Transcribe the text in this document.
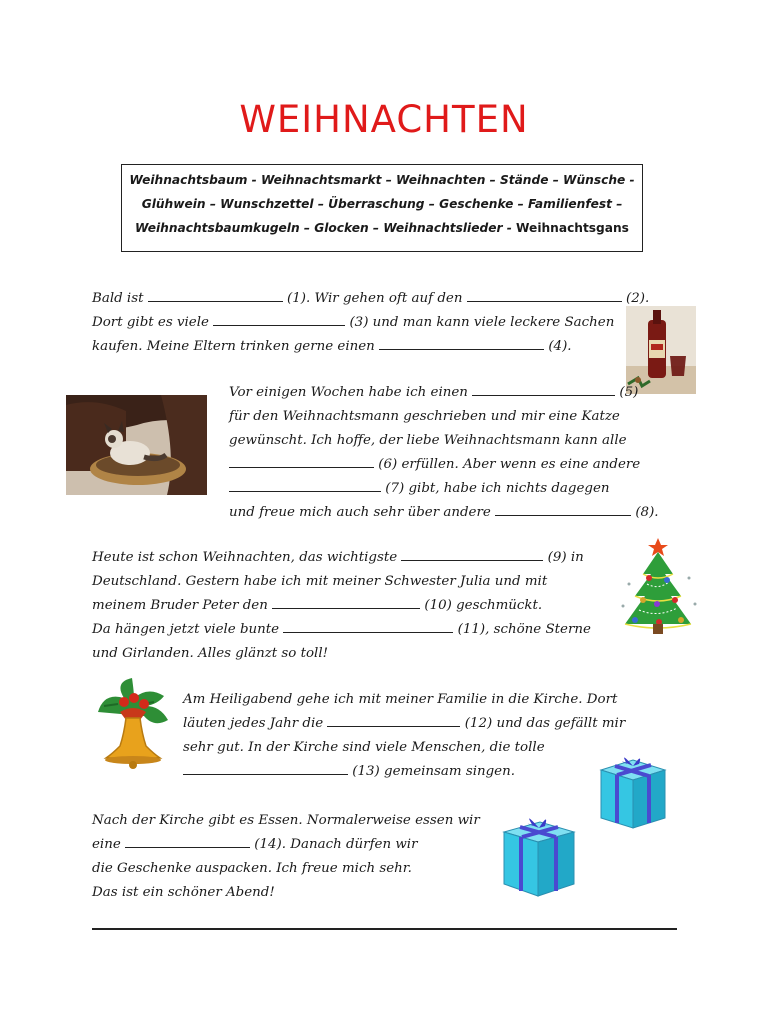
WEIHNACHTEN
Weihnachtsbaum - Weihnachtsmarkt – Weihnachten – Stände – Wünsche -
Glühwein – Wunschzettel – Überraschung – Geschenke – Familienfest –
Weihnachtsbaumkugeln – Glocken – Weihnachtslieder - Weihnachtsgans
Bald ist	(1). Wir gehen oft auf den	(2).
Dort gibt es viele	(3) und man kann viele leckere Sachen
kaufen. Meine Eltern trinken gerne einen	(4).
Vor einigen Wochen habe ich einen	(5)
für den Weihnachtsmann geschrieben und mir eine Katze
gewünscht. Ich hoffe, der liebe Weihnachtsmann kann alle
(6) erfüllen. Aber wenn es eine andere
(7) gibt, habe ich nichts dagegen
und freue mich auch sehr über andere	(8).
Heute ist schon Weihnachten, das wichtigste	(9) in
Deutschland. Gestern habe ich mit meiner Schwester Julia und mit
meinem Bruder Peter den	(10) geschmückt.
Da hängen jetzt viele bunte	(11), schöne Sterne
und Girlanden. Alles glänzt so toll!
Am Heiligabend gehe ich mit meiner Familie in die Kirche. Dort
läuten jedes Jahr die	(12) und das gefällt mir
sehr gut. In der Kirche sind viele Menschen, die tolle
(13) gemeinsam singen.
Nach der Kirche gibt es Essen. Normalerweise essen wir
eine	(14). Danach dürfen wir
die Geschenke auspacken. Ich freue mich sehr.
Das ist ein schöner Abend!
